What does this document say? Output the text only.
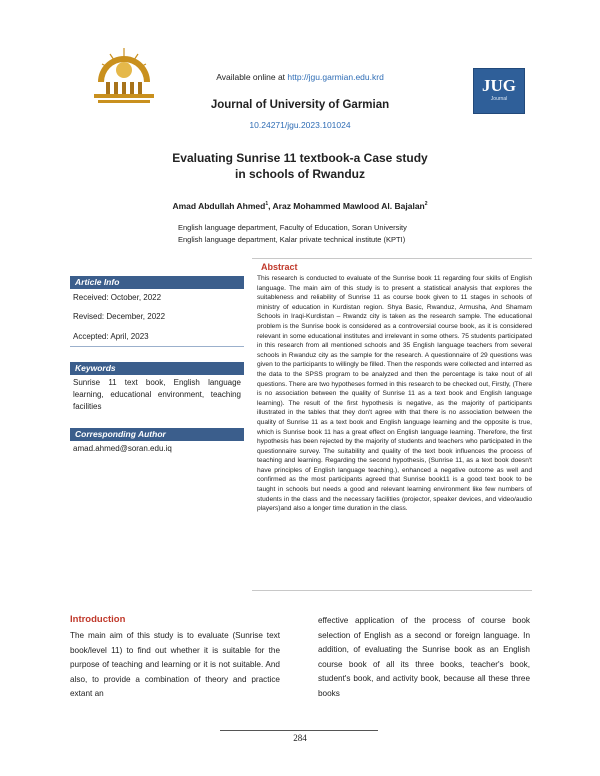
Available online at http://jgu.garmian.edu.krd	JUG
Journal
Journal of University of Garmian
10.24271/jgu.2023.101024
Evaluating Sunrise 11 textbook-a Case study
in schools of Rwanduz
Amad Abdullah Ahmed$^1$, Araz Mohammed Mawlood Al. Bajalan$^2$
English language department, Faculty of Education, Soran University
English language department, Kalar private technical institute (KPTI)
Article Info
Received: October, 2022
Revised: December, 2022
Accepted: April, 2023
Keywords
Sunrise 11 text book, English language learning, educational environment, teaching facilities
Corresponding Author
amad.ahmed@soran.edu.iq
Abstract
This research is conducted to evaluate of the Sunrise book 11 regarding four skills of English language. The main aim of this study is to present a statistical analysis that explores the suitableness and reliability of Sunrise 11 as course book given to 11 stages in schools of ministry of education in Kurdistan region. Shya Basic, Rwanduz, Armusha, And Shamam Schools in Iraqi-Kurdistan – Rwandz city is taken as the research sample. The educational problem is the Sunrise book is considered as a controversial course book, as it is considered relevant in some educational institutes and irrelevant in some others. 75 students participated in this research from all mentioned schools and 35 English language teachers from several schools in Rwanduz city as the sample for the research. A questionnaire of 29 questions was given to the participants to willingly be filled. Then the responds were collected and interred as the data to the SPSS program to be analyzed and then the percentage is take nout of all questions. There are two hypotheses formed in this research to be checked out, Firstly, (There is no association between the quality of Sunrise 11 as a text book and English language learning). The result of the first hypothesis is negative, as the majority of participants illustrated in the tables that they don't agree with that there is no association between the quality of Sunrise 11 as a text book and English language learning and the opposite is true, which is Sunrise book 11 has a great effect on English language learning. Therefore, the first hypothesis has been rejected by the majority of students and teachers who participated in the questionnaire survey. The suitability and quality of the text book influences the process of teaching and learning. Regarding the second hypothesis, (Sunrise 11, as a text book doesn't have principles of English language teaching.), enhanced a negative outcome as well and confirmed as the most participants agreed that Sunrise book11 is a good text book to be taught in schools but needs a good and relevant learning environment like few numbers of students in the class and the necessary facilities (projector, speaker devices, and video/audio players)and also a longer time duration in the class.
Introduction
The main aim of this study is to evaluate (Sunrise text book/level 11) to find out whether it is suitable for the purpose of teaching and learning or it is not suitable. And also, to provide a combination of theory and practice extant an
effective application of the process of course book selection of English as a second or foreign language. In addition, of evaluating the Sunrise book as an English course book of all its three books, teacher's book, student's book, and activity book, because all these three books
284
